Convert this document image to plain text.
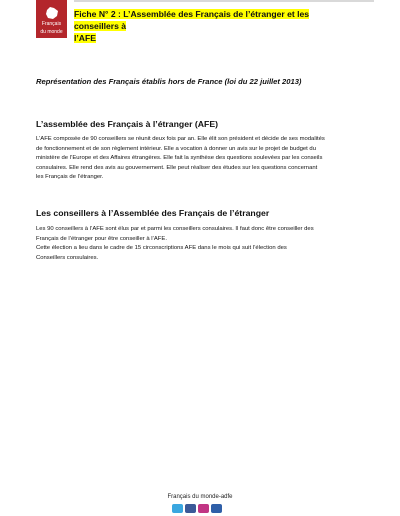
Français
du monde
Fiche N° 2 : L’Assemblée des Français de l’étranger et les conseillers à
l’AFE
Représentation des Français établis hors de France (loi du 22 juillet 2013)
L’assemblée des Français à l’étranger (AFE)
L’AFE composée de 90 conseillers se réunit deux fois par an. Elle élit son président et décide de ses modalités
de fonctionnement et de son règlement intérieur. Elle a vocation à donner un avis sur le projet de budget du
ministère de l’Europe et des Affaires étrangères. Elle fait la synthèse des questions soulevées par les conseils
consulaires. Elle rend des avis au gouvernement. Elle peut réaliser des études sur les questions concernant
les Français de l’étranger.
Les conseillers à l’Assemblée des Français de l’étranger
Les 90 conseillers à l’AFE sont élus par et parmi les conseillers consulaires. Il faut donc être conseiller des
Français de l’étranger pour être conseiller à l’AFE.
Cette élection a lieu dans le cadre de 15 circonscriptions AFE dans le mois qui suit l’élection des
Conseillers consulaires.
Français du monde-adfe
